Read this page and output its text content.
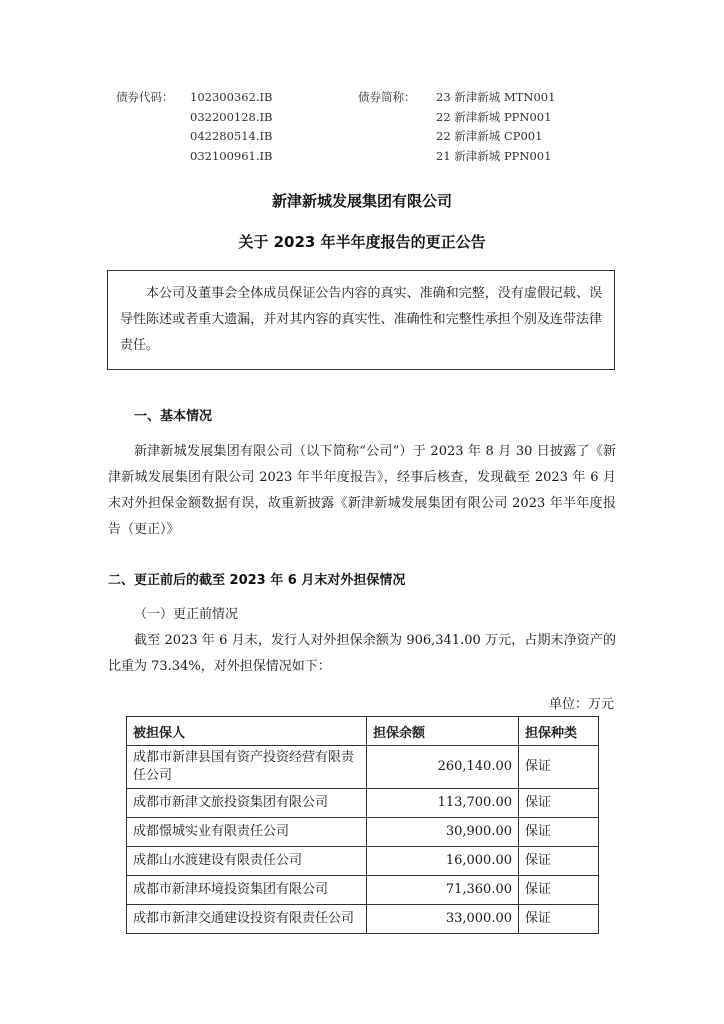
债券代码： 102300362.IB	债券简称： 23 新津新城 MTN001
032200128.IB	22 新津新城 PPN001
042280514.IB	22 新津新城 CP001
032100961.IB	21 新津新城 PPN001
新津新城发展集团有限公司
关于 2023 年半年度报告的更正公告
本公司及董事会全体成员保证公告内容的真实、准确和完整，没有虚假记载、误导性陈述或者重大遗漏，并对其内容的真实性、准确性和完整性承担个别及连带法律责任。
一、基本情况
新津新城发展集团有限公司（以下简称“公司”）于 2023 年 8 月 30 日披露了《新津新城发展集团有限公司 2023 年半年度报告》，经事后核查，发现截至 2023 年 6 月末对外担保金额数据有误，故重新披露《新津新城发展集团有限公司 2023 年半年度报告（更正）》
二、更正前后的截至 2023 年 6 月末对外担保情况
（一）更正前情况
截至 2023 年 6 月末，发行人对外担保余额为 906,341.00 万元，占期末净资产的比重为 73.34%，对外担保情况如下：
单位：万元
被担保人	担保余额	担保种类
成都市新津县国有资产投资经营有限责任公司	260,140.00	保证
成都市新津文旅投资集团有限公司	113,700.00	保证
成都憬城实业有限责任公司	30,900.00	保证
成都山水渡建设有限责任公司	16,000.00	保证
成都市新津环境投资集团有限公司	71,360.00	保证
成都市新津交通建设投资有限责任公司	33,000.00	保证
